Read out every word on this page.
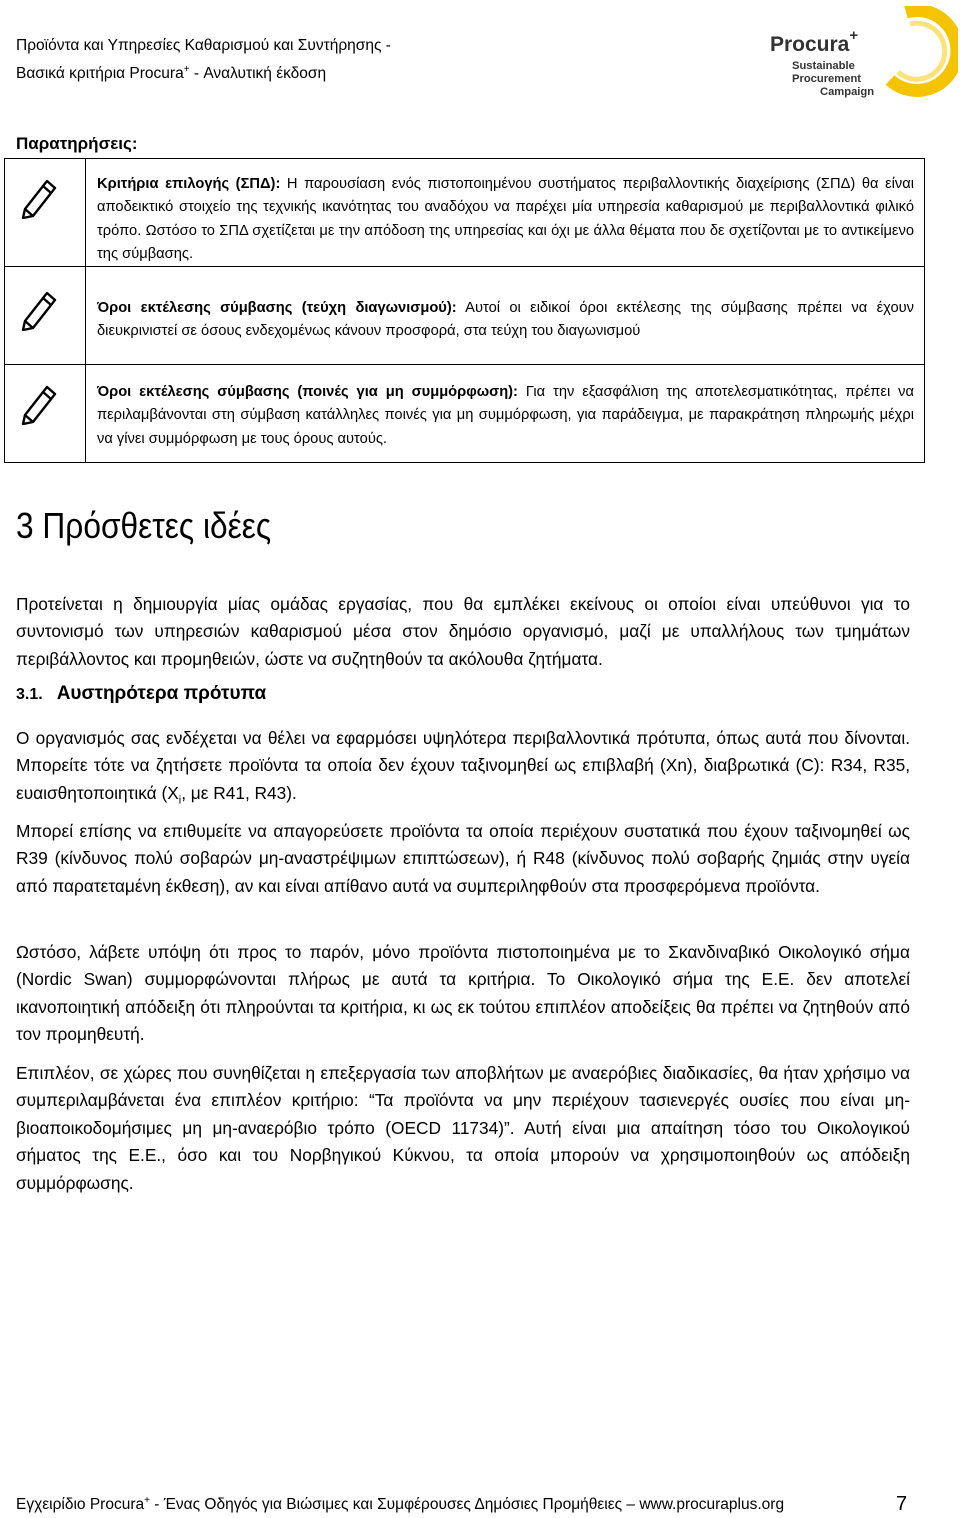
Προϊόντα και Υπηρεσίες Καθαρισμού και Συντήρησης -
Βασικά κριτήρια Procura+ - Αναλυτική έκδοση
Procura+
Sustainable
Procurement
Campaign
Παρατηρήσεις:
	Κριτήρια επιλογής (ΣΠΔ): Η παρουσίαση ενός πιστοποιημένου συστήματος περιβαλλοντικής διαχείρισης (ΣΠΔ) θα είναι αποδεικτικό στοιχείο της τεχνικής ικανότητας του αναδόχου να παρέχει μία υπηρεσία καθαρισμού με περιβαλλοντικά φιλικό τρόπο. Ωστόσο το ΣΠΔ σχετίζεται με την απόδοση της υπηρεσίας και όχι με άλλα θέματα που δε σχετίζονται με το αντικείμενο της σύμβασης.

	Όροι εκτέλεσης σύμβασης (τεύχη διαγωνισμού): Αυτοί οι ειδικοί όροι εκτέλεσης της σύμβασης πρέπει να έχουν διευκρινιστεί σε όσους ενδεχομένως κάνουν προσφορά, στα τεύχη του διαγωνισμού

	Όροι εκτέλεσης σύμβασης (ποινές για μη συμμόρφωση): Για την εξασφάλιση της αποτελεσματικότητας, πρέπει να περιλαμβάνονται στη σύμβαση κατάλληλες ποινές για μη συμμόρφωση, για παράδειγμα, με παρακράτηση πληρωμής μέχρι να γίνει συμμόρφωση με τους όρους αυτούς.
3 Πρόσθετες ιδέες
Προτείνεται η δημιουργία μίας ομάδας εργασίας, που θα εμπλέκει εκείνους οι οποίοι είναι υπεύθυνοι για το συντονισμό των υπηρεσιών καθαρισμού μέσα στον δημόσιο οργανισμό, μαζί με υπαλλήλους των τμημάτων περιβάλλοντος και προμηθειών, ώστε να συζητηθούν τα ακόλουθα ζητήματα.
3.1. Αυστηρότερα πρότυπα
Ο οργανισμός σας ενδέχεται να θέλει να εφαρμόσει υψηλότερα περιβαλλοντικά πρότυπα, όπως αυτά που δίνονται. Μπορείτε τότε να ζητήσετε προϊόντα τα οποία δεν έχουν ταξινομηθεί ως επιβλαβή (Xn), διαβρωτικά (C): R34, R35, ευαισθητοποιητικά ($X_i$, με R41, R43).
Μπορεί επίσης να επιθυμείτε να απαγορεύσετε προϊόντα τα οποία περιέχουν συστατικά που έχουν ταξινομηθεί ως R39 (κίνδυνος πολύ σοβαρών μη-αναστρέψιμων επιπτώσεων), ή R48 (κίνδυνος πολύ σοβαρής ζημιάς στην υγεία από παρατεταμένη έκθεση), αν και είναι απίθανο αυτά να συμπεριληφθούν στα προσφερόμενα προϊόντα.
Ωστόσο, λάβετε υπόψη ότι προς το παρόν, μόνο προϊόντα πιστοποιημένα με το Σκανδιναβικό Οικολογικό σήμα (Nordic Swan) συμμορφώνονται πλήρως με αυτά τα κριτήρια. Το Οικολογικό σήμα της Ε.Ε. δεν αποτελεί ικανοποιητική απόδειξη ότι πληρούνται τα κριτήρια, κι ως εκ τούτου επιπλέον αποδείξεις θα πρέπει να ζητηθούν από τον προμηθευτή.
Επιπλέον, σε χώρες που συνηθίζεται η επεξεργασία των αποβλήτων με αναερόβιες διαδικασίες, θα ήταν χρήσιμο να συμπεριλαμβάνεται ένα επιπλέον κριτήριο: “Τα προϊόντα να μην περιέχουν τασιενεργές ουσίες που είναι μη-βιοαποικοδομήσιμες μη μη-αναερόβιο τρόπο (OECD 11734)”. Αυτή είναι μια απαίτηση τόσο του Οικολογικού σήματος της Ε.Ε., όσο και του Νορβηγικού Κύκνου, τα οποία μπορούν να χρησιμοποιηθούν ως απόδειξη συμμόρφωσης.
Εγχειρίδιο Procura+ - Ένας Οδηγός για Βιώσιμες και Συμφέρουσες Δημόσιες Προμήθειες – www.procuraplus.org	7
